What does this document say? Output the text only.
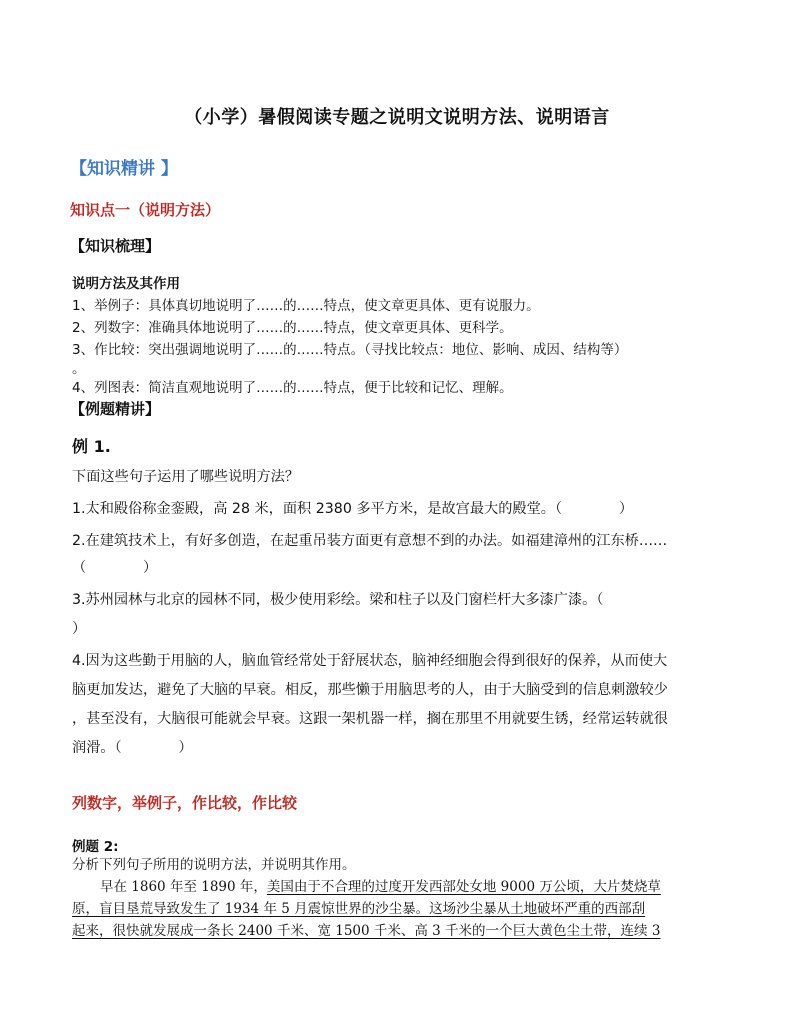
（小学）暑假阅读专题之说明文说明方法、说明语言
【知识精讲 】
知识点一（说明方法）
【知识梳理】
说明方法及其作用
1、举例子：具体真切地说明了……的……特点，使文章更具体、更有说服力。
2、列数字：准确具体地说明了……的……特点，使文章更具体、更科学。
3、作比较：突出强调地说明了……的……特点。（寻找比较点：地位、影响、成因、结构等）
。
4、列图表：简洁直观地说明了……的……特点，便于比较和记忆、理解。
【例题精讲】
例 1.
下面这些句子运用了哪些说明方法？
1.太和殿俗称金銮殿，高 28 米，面积 2380 多平方米，是故宫最大的殿堂。（　　　　）
2.在建筑技术上，有好多创造，在起重吊装方面更有意想不到的办法。如福建漳州的江东桥……
（　　　　）
3.苏州园林与北京的园林不同，极少使用彩绘。梁和柱子以及门窗栏杆大多漆广漆。（
）
4.因为这些勤于用脑的人，脑血管经常处于舒展状态，脑神经细胞会得到很好的保养，从而使大
脑更加发达，避免了大脑的早衰。相反，那些懒于用脑思考的人，由于大脑受到的信息刺激较少
，甚至没有，大脑很可能就会早衰。这跟一架机器一样，搁在那里不用就要生锈，经常运转就很
润滑。（　　　　）
列数字，举例子，作比较，作比较
例题 2:
分析下列句子所用的说明方法，并说明其作用。
早在 1860 年至 1890 年，美国由于不合理的过度开发西部处女地 9000 万公顷，大片焚烧草
原，盲目垦荒导致发生了 1934 年 5 月震惊世界的沙尘暴。这场沙尘暴从土地破坏严重的西部刮
起来，很快就发展成一条长 2400 千米、宽 1500 千米、高 3 千米的一个巨大黄色尘土带，连续 3
